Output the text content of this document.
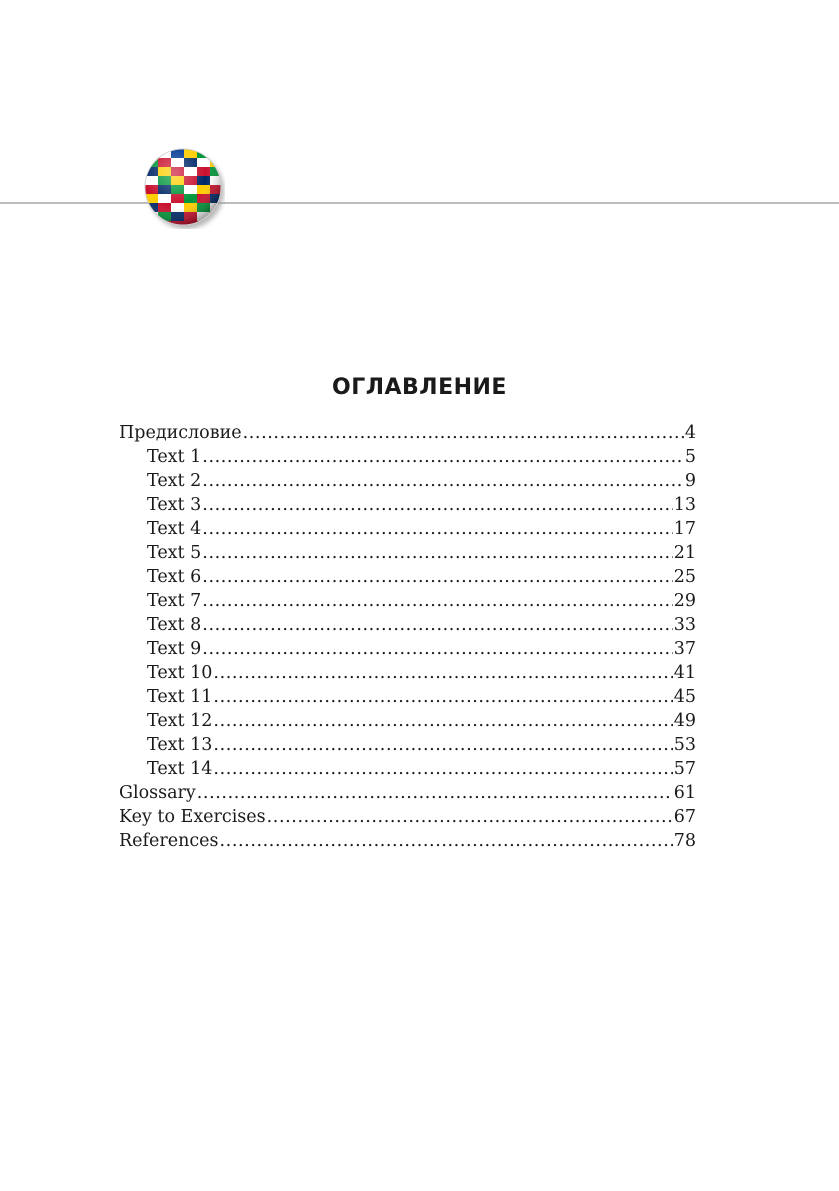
ОГЛАВЛЕНИЕ
Предисловие .....	4
Text 1 .....	5
Text 2 .....	9
Text 3 .....	13
Text 4 .....	17
Text 5 .....	21
Text 6 .....	25
Text 7 .....	29
Text 8 .....	33
Text 9 .....	37
Text 10 .....	41
Text 11 .....	45
Text 12 .....	49
Text 13 .....	53
Text 14 .....	57
Glossary .....	61
Key to Exercises .....	67
References .....	78
